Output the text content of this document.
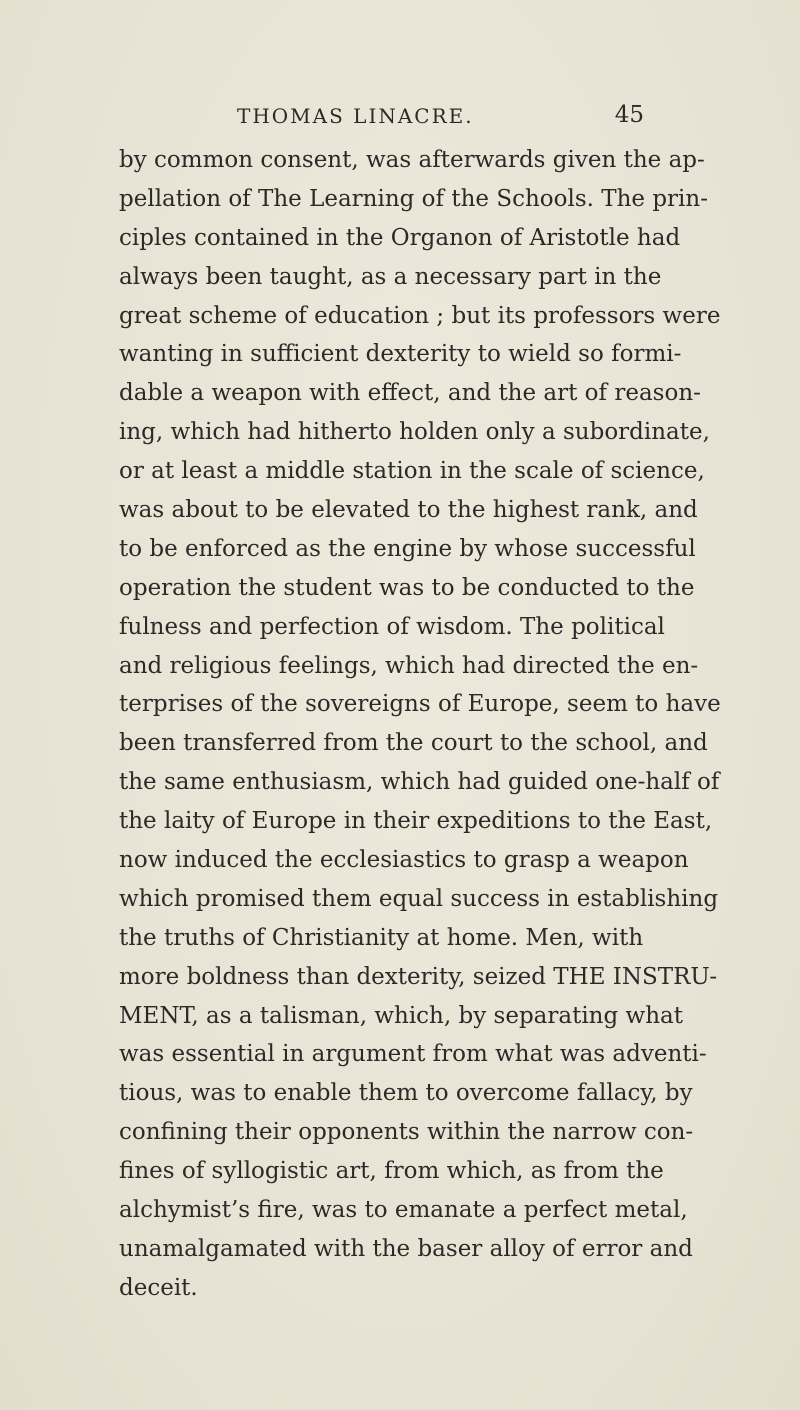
THOMAS LINACRE.	45
by common consent, was afterwards given the ap-
pellation of The Learning of the Schools. The prin-
ciples contained in the Organon of Aristotle had
always been taught, as a necessary part in the
great scheme of education ; but its professors were
wanting in sufficient dexterity to wield so formi-
dable a weapon with effect, and the art of reason-
ing, which had hitherto holden only a subordinate,
or at least a middle station in the scale of science,
was about to be elevated to the highest rank, and
to be enforced as the engine by whose successful
operation the student was to be conducted to the
fulness and perfection of wisdom. The political
and religious feelings, which had directed the en-
terprises of the sovereigns of Europe, seem to have
been transferred from the court to the school, and
the same enthusiasm, which had guided one-half of
the laity of Europe in their expeditions to the East,
now induced the ecclesiastics to grasp a weapon
which promised them equal success in establishing
the truths of Christianity at home. Men, with
more boldness than dexterity, seized THE INSTRU-
MENT, as a talisman, which, by separating what
was essential in argument from what was adventi-
tious, was to enable them to overcome fallacy, by
confining their opponents within the narrow con-
fines of syllogistic art, from which, as from the
alchymist’s fire, was to emanate a perfect metal,
unamalgamated with the baser alloy of error and
deceit.
